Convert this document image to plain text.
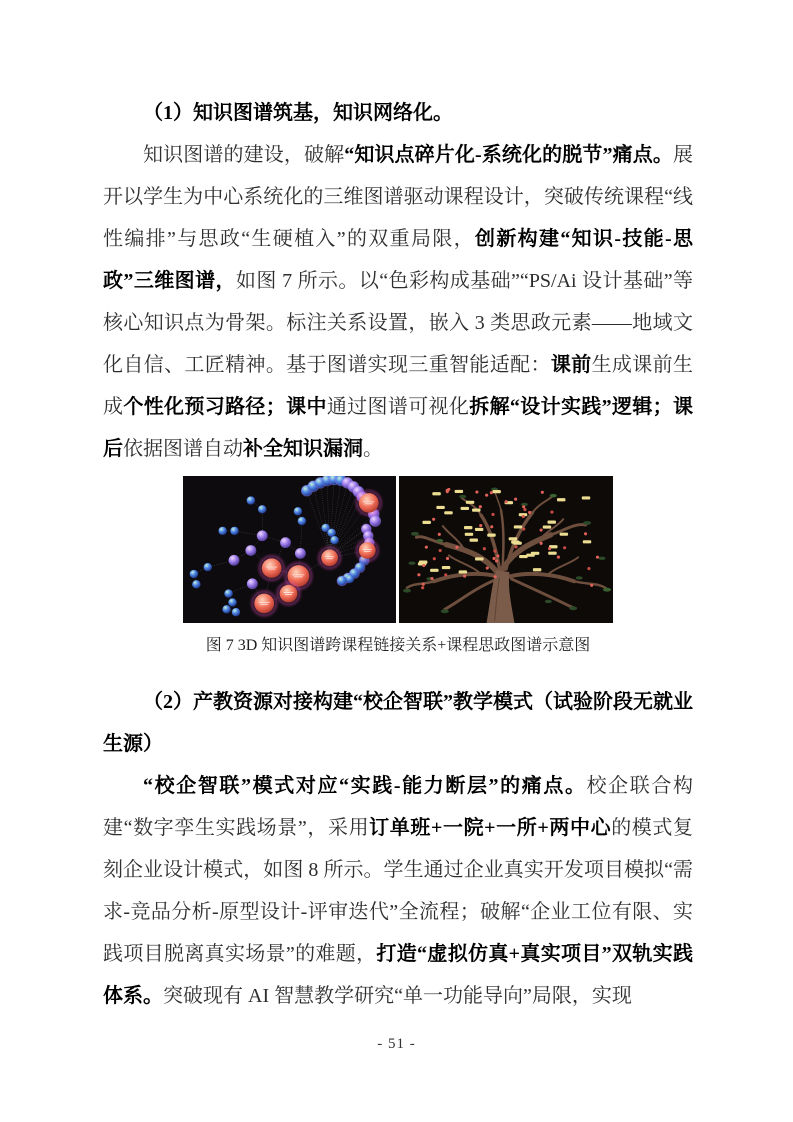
（1）知识图谱筑基，知识网络化。

知识图谱的建设，破解“知识点碎片化-系统化的脱节”痛点。展开以学生为中心系统化的三维图谱驱动课程设计，突破传统课程“线性编排”与思政“生硬植入”的双重局限，创新构建“知识-技能-思政”三维图谱，如图 7 所示。以“色彩构成基础”“PS/Ai 设计基础”等核心知识点为骨架。标注关系设置，嵌入 3 类思政元素——地域文化自信、工匠精神。基于图谱实现三重智能适配：课前生成课前生成个性化预习路径；课中通过图谱可视化拆解“设计实践”逻辑；课后依据图谱自动补全知识漏洞。

图 7 3D 知识图谱跨课程链接关系+课程思政图谱示意图
（2）产教资源对接构建“校企智联”教学模式（试验阶段无就业生源）

“校企智联”模式对应“实践-能力断层”的痛点。校企联合构建“数字孪生实践场景”，采用订单班+一院+一所+两中心的模式复刻企业设计模式，如图 8 所示。学生通过企业真实开发项目模拟“需求-竞品分析-原型设计-评审迭代”全流程；破解“企业工位有限、实践项目脱离真实场景”的难题，打造“虚拟仿真+真实项目”双轨实践体系。突破现有 AI 智慧教学研究“单一功能导向”局限，实现

- 51 -
